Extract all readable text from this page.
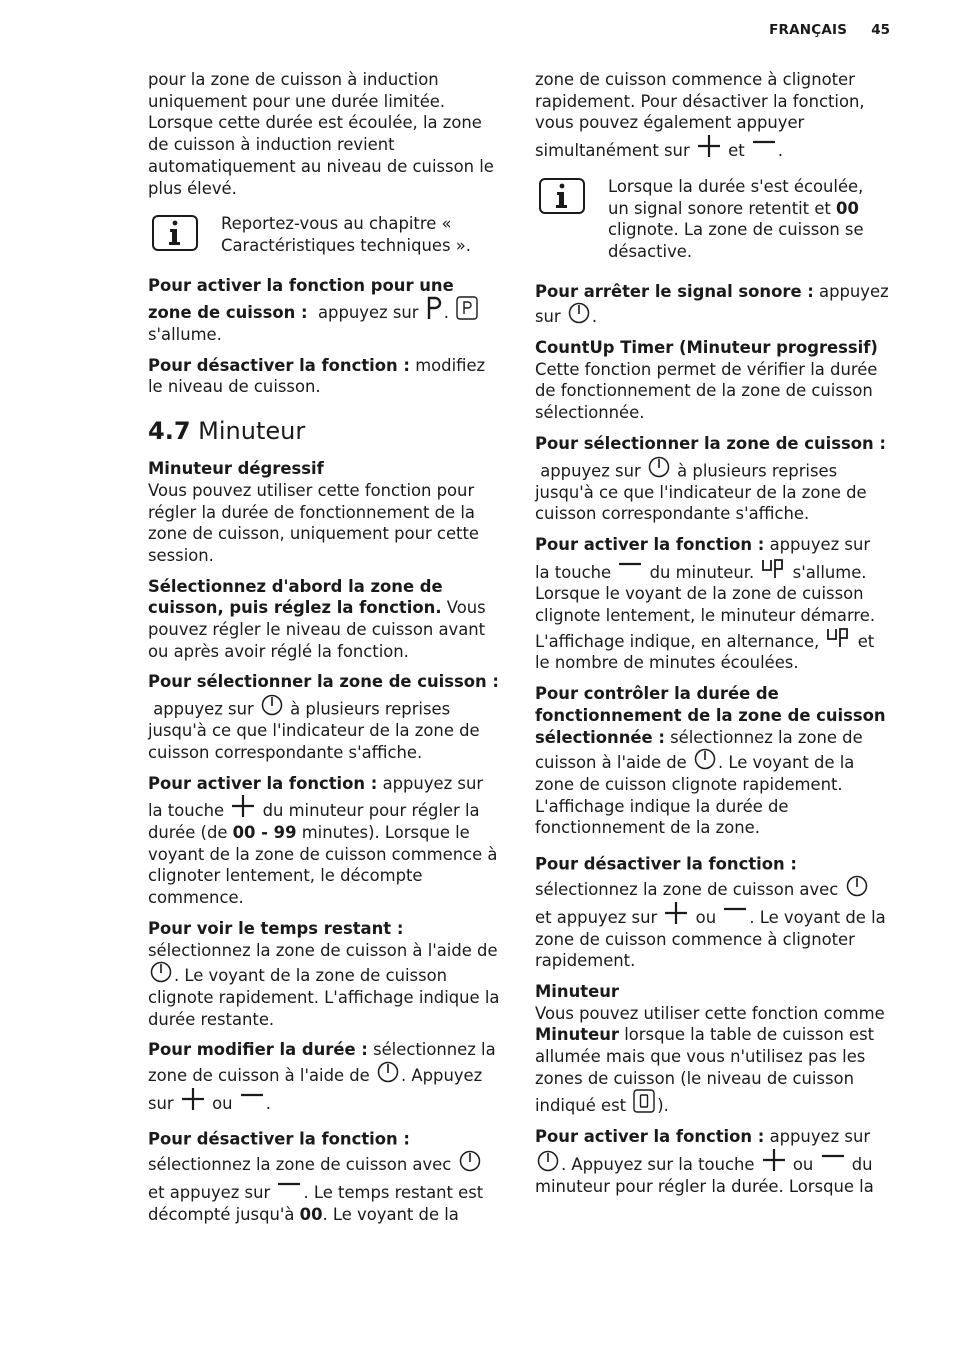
FRANÇAIS 45

pour la zone de cuisson à induction uniquement pour une durée limitée. Lorsque cette durée est écoulée, la zone de cuisson à induction revient automatiquement au niveau de cuisson le plus élevé.

Reportez-vous au chapitre « Caractéristiques techniques ».

Pour activer la fonction pour une zone de cuisson : appuyez sur .
s'allume.

Pour désactiver la fonction : modifiez le niveau de cuisson.

4.7 Minuteur

Minuteur dégressif
Vous pouvez utiliser cette fonction pour régler la durée de fonctionnement de la zone de cuisson, uniquement pour cette session.

Sélectionnez d'abord la zone de cuisson, puis réglez la fonction. Vous pouvez régler le niveau de cuisson avant ou après avoir réglé la fonction.

Pour sélectionner la zone de cuisson :  appuyez sur à plusieurs reprises jusqu'à ce que l'indicateur de la zone de cuisson correspondante s'affiche.

Pour activer la fonction : appuyez sur la touche du minuteur pour régler la durée (de 00 - 99 minutes). Lorsque le voyant de la zone de cuisson commence à clignoter lentement, le décompte commence.

Pour voir le temps restant : sélectionnez la zone de cuisson à l'aide de
. Le voyant de la zone de cuisson clignote rapidement. L'affichage indique la durée restante.

Pour modifier la durée : sélectionnez la zone de cuisson à l'aide de . Appuyez sur ou .

Pour désactiver la fonction :  sélectionnez la zone de cuisson avec
et appuyez sur . Le temps restant est décompté jusqu'à 00. Le voyant de la

zone de cuisson commence à clignoter rapidement. Pour désactiver la fonction, vous pouvez également appuyer simultanément sur et .

Lorsque la durée s'est écoulée, un signal sonore retentit et 00 clignote. La zone de cuisson se désactive.

Pour arrêter le signal sonore : appuyez sur .

CountUp Timer (Minuteur progressif)
Cette fonction permet de vérifier la durée de fonctionnement de la zone de cuisson sélectionnée.

Pour sélectionner la zone de cuisson :  appuyez sur à plusieurs reprises jusqu'à ce que l'indicateur de la zone de cuisson correspondante s'affiche.

Pour activer la fonction : appuyez sur la touche du minuteur. s'allume. Lorsque le voyant de la zone de cuisson clignote lentement, le minuteur démarre. L'affichage indique, en alternance, et le nombre de minutes écoulées.

Pour contrôler la durée de fonctionnement de la zone de cuisson sélectionnée : sélectionnez la zone de cuisson à l'aide de . Le voyant de la zone de cuisson clignote rapidement. L'affichage indique la durée de fonctionnement de la zone.

Pour désactiver la fonction :  sélectionnez la zone de cuisson avec
et appuyez sur ou . Le voyant de la zone de cuisson commence à clignoter rapidement.

Minuteur
Vous pouvez utiliser cette fonction comme Minuteur lorsque la table de cuisson est allumée mais que vous n'utilisez pas les zones de cuisson (le niveau de cuisson indiqué est ).

Pour activer la fonction : appuyez sur
. Appuyez sur la touche ou du minuteur pour régler la durée. Lorsque la
